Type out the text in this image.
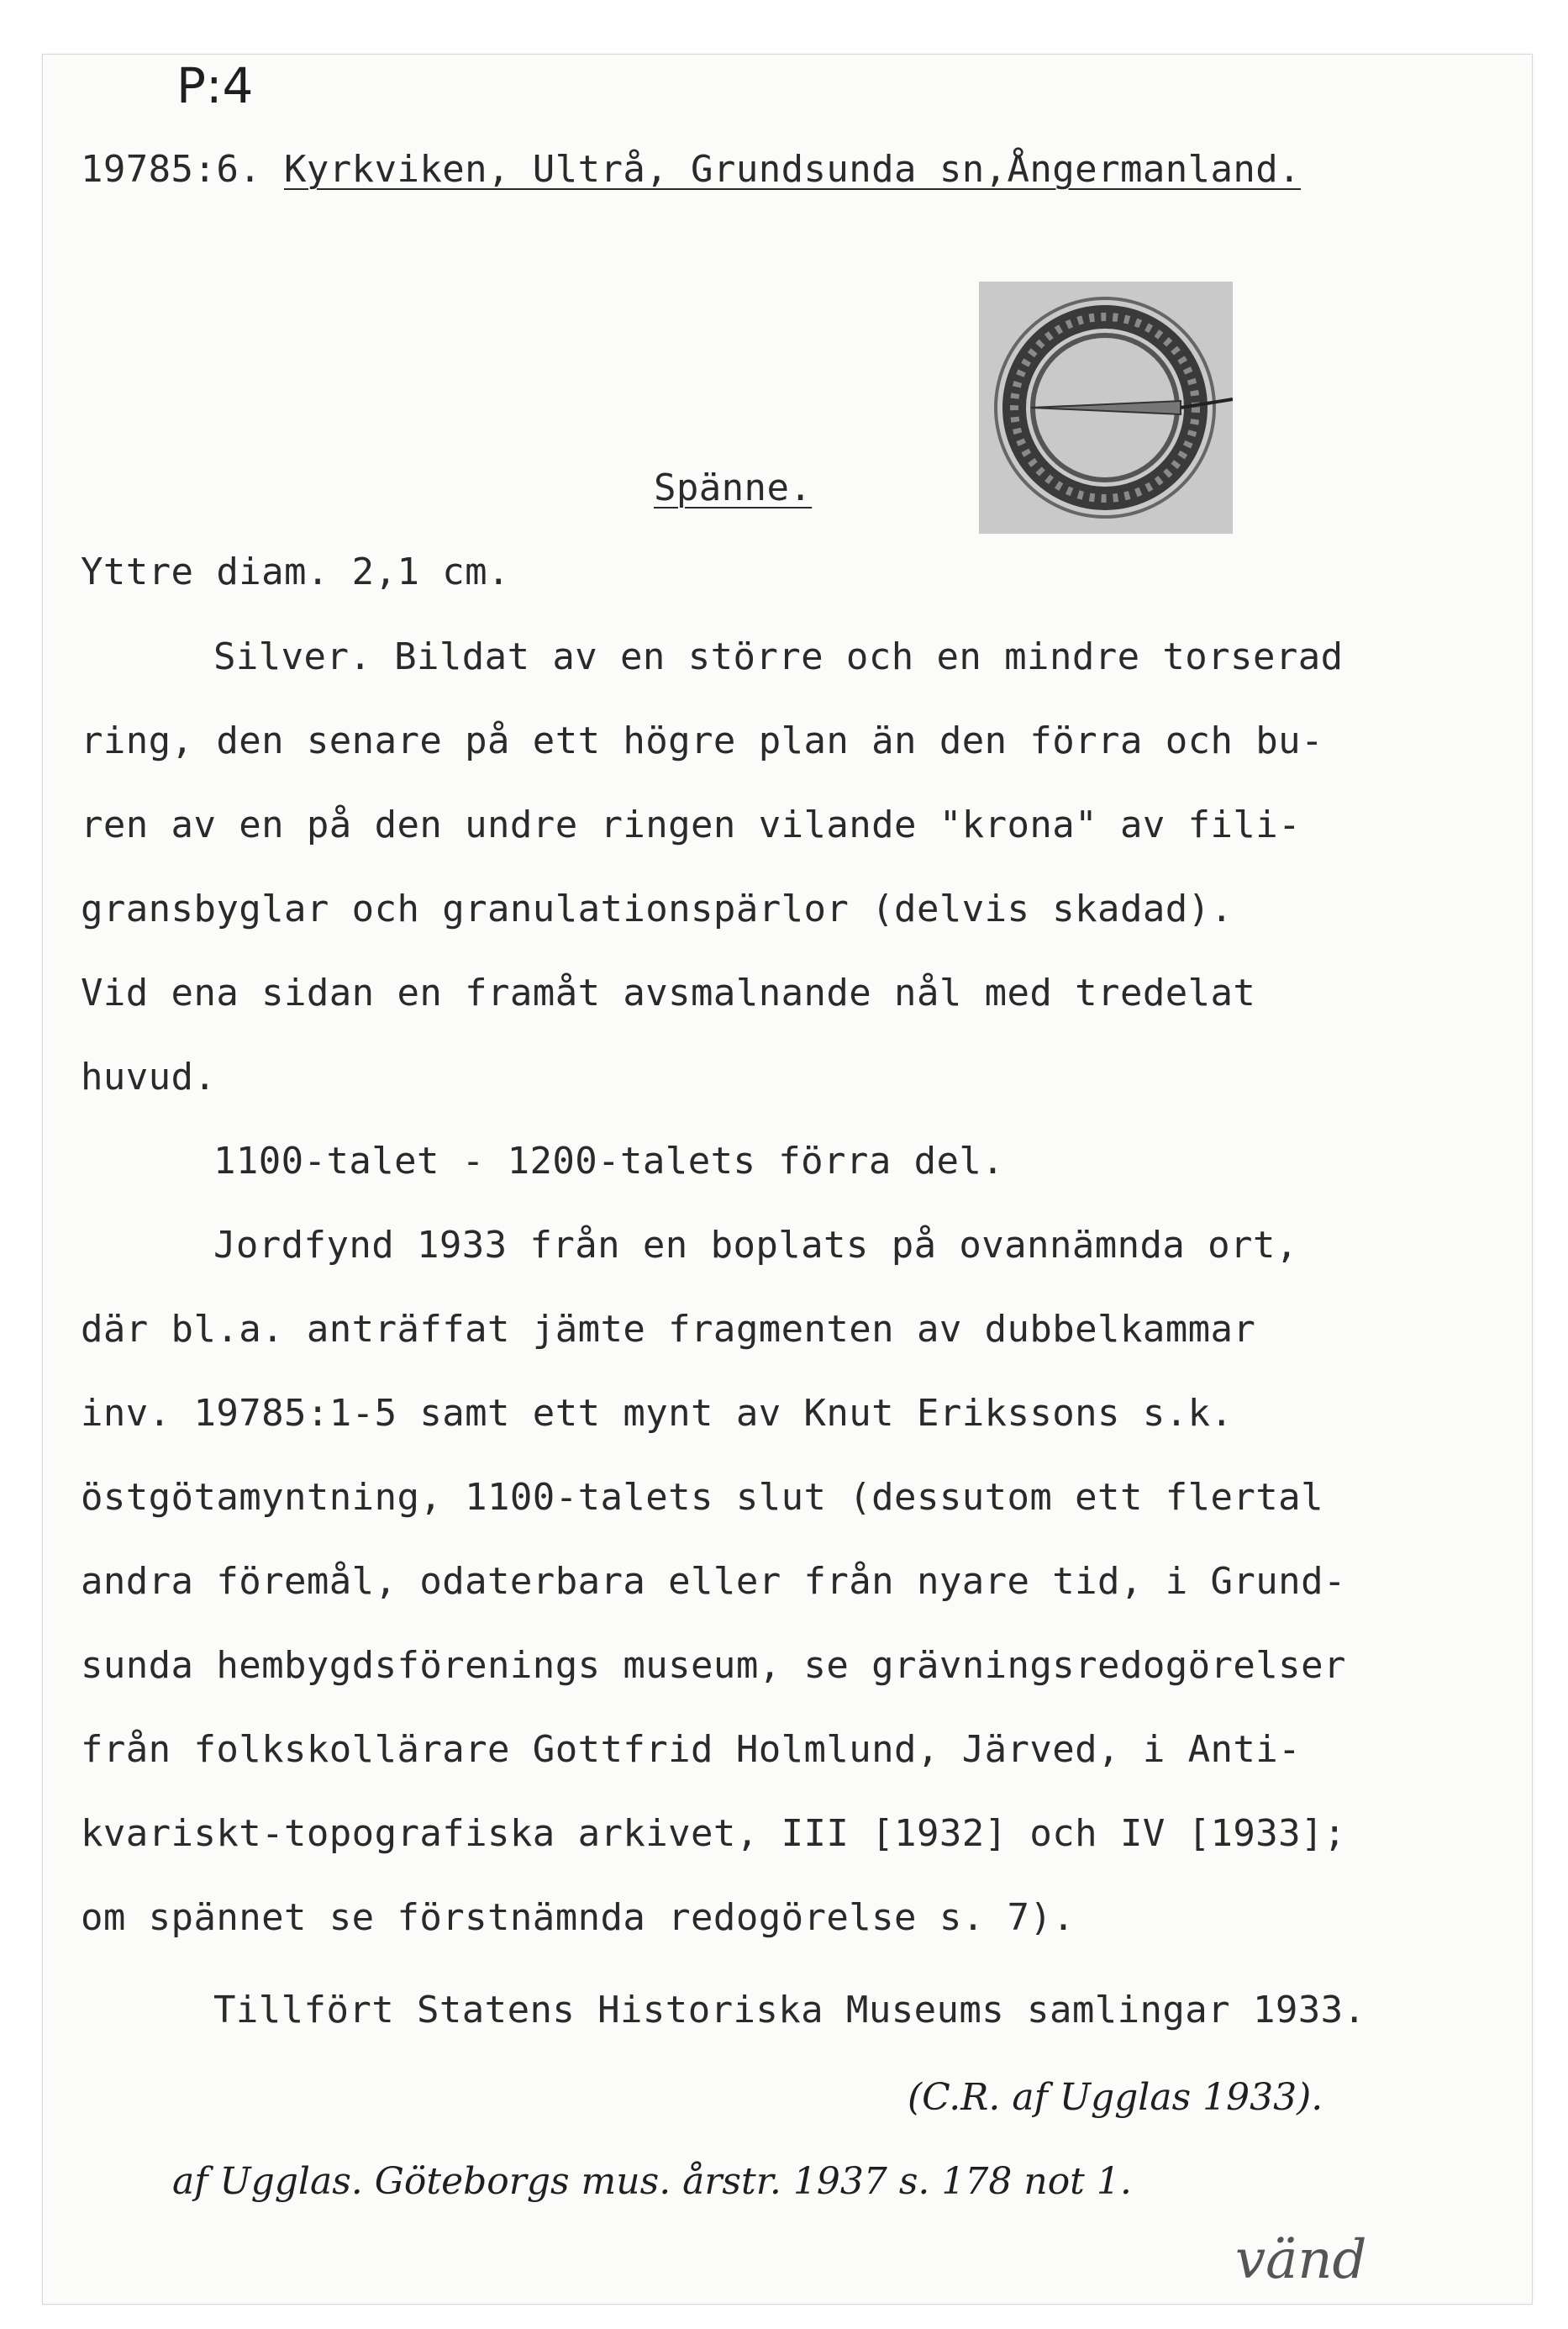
P:4
19785:6. Kyrkviken, Ultrå, Grundsunda sn,Ångermanland.
Spänne.
Yttre diam. 2,1 cm.
Silver. Bildat av en större och en mindre torserad
ring, den senare på ett högre plan än den förra och bu-
ren av en på den undre ringen vilande "krona" av fili-
gransbyglar och granulationspärlor (delvis skadad).
Vid ena sidan en framåt avsmalnande nål med tredelat
huvud.
1100-talet - 1200-talets förra del.
Jordfynd 1933 från en boplats på ovannämnda ort,
där bl.a. anträffat jämte fragmenten av dubbelkammar
inv. 19785:1-5 samt ett mynt av Knut Erikssons s.k.
östgötamyntning, 1100-talets slut (dessutom ett flertal
andra föremål, odaterbara eller från nyare tid, i Grund-
sunda hembygdsförenings museum, se grävningsredogörelser
från folkskollärare Gottfrid Holmlund, Järved, i Anti-
kvariskt-topografiska arkivet, III [1932] och IV [1933];
om spännet se förstnämnda redogörelse s. 7).
Tillfört Statens Historiska Museums samlingar 1933.
(C.R. af Ugglas 1933).
af Ugglas. Göteborgs mus. årstr. 1937 s. 178 not 1.
vänd
